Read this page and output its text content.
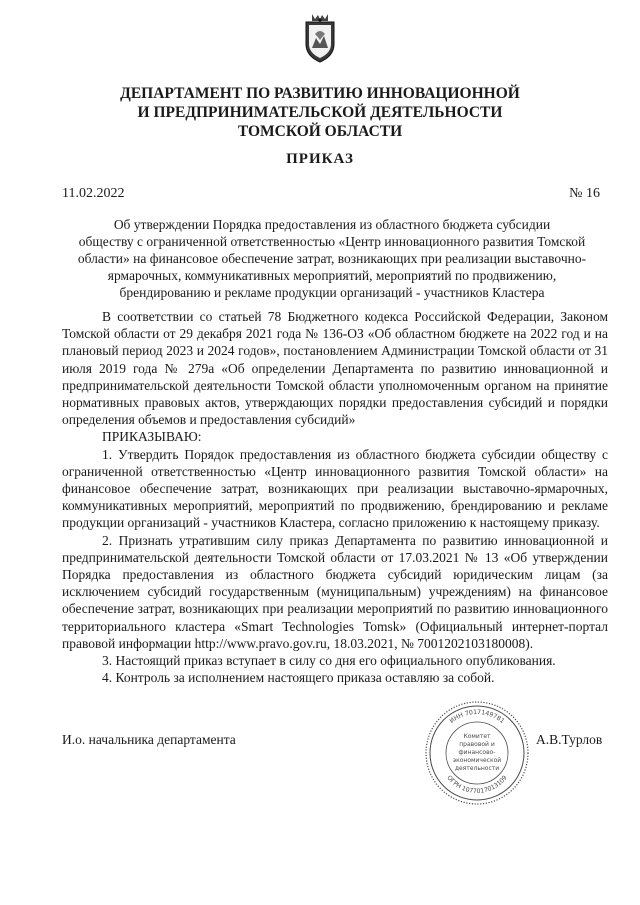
ДЕПАРТАМЕНТ ПО РАЗВИТИЮ ИННОВАЦИОННОЙ
И ПРЕДПРИНИМАТЕЛЬСКОЙ ДЕЯТЕЛЬНОСТИ
ТОМСКОЙ ОБЛАСТИ
ПРИКАЗ
11.02.2022	№ 16
Об утверждении Порядка предоставления из областного бюджета субсидии
обществу с ограниченной ответственностью «Центр инновационного развития Томской
области» на финансовое обеспечение затрат, возникающих при реализации выставочно-
ярмарочных, коммуникативных мероприятий, мероприятий по продвижению,
брендированию и рекламе продукции организаций - участников Кластера

В соответствии со статьей 78 Бюджетного кодекса Российской Федерации, Законом Томской области от 29 декабря 2021 года № 136-ОЗ «Об областном бюджете на 2022 год и на плановый период 2023 и 2024 годов», постановлением Администрации Томской области от 31 июля 2019 года № 279а «Об определении Департамента по развитию инновационной и предпринимательской деятельности Томской области уполномоченным органом на принятие нормативных правовых актов, утверждающих порядки предоставления субсидий и порядки определения объемов и предоставления субсидий»

ПРИКАЗЫВАЮ:

1. Утвердить Порядок предоставления из областного бюджета субсидии обществу с ограниченной ответственностью «Центр инновационного развития Томской области» на финансовое обеспечение затрат, возникающих при реализации выставочно-ярмарочных, коммуникативных мероприятий, мероприятий по продвижению, брендированию и рекламе продукции организаций - участников Кластера, согласно приложению к настоящему приказу.

2. Признать утратившим силу приказ Департамента по развитию инновационной и предпринимательской деятельности Томской области от 17.03.2021 № 13 «Об утверждении Порядка предоставления из областного бюджета субсидий юридическим лицам (за исключением субсидий государственным (муниципальным) учреждениям) на финансовое обеспечение затрат, возникающих при реализации мероприятий по развитию инновационного территориального кластера «Smart Technologies Tomsk» (Официальный интернет-портал правовой информации http://www.pravo.gov.ru, 18.03.2021, № 7001202103180008).

3. Настоящий приказ вступает в силу со дня его официального опубликования.

4. Контроль за исполнением настоящего приказа оставляю за собой.

И.о. начальника департамента	А.В.Турлов
ИНН 7017149781
ОГРН 1077017013109
Комитет
правовой и
финансово-
экономической
деятельности
